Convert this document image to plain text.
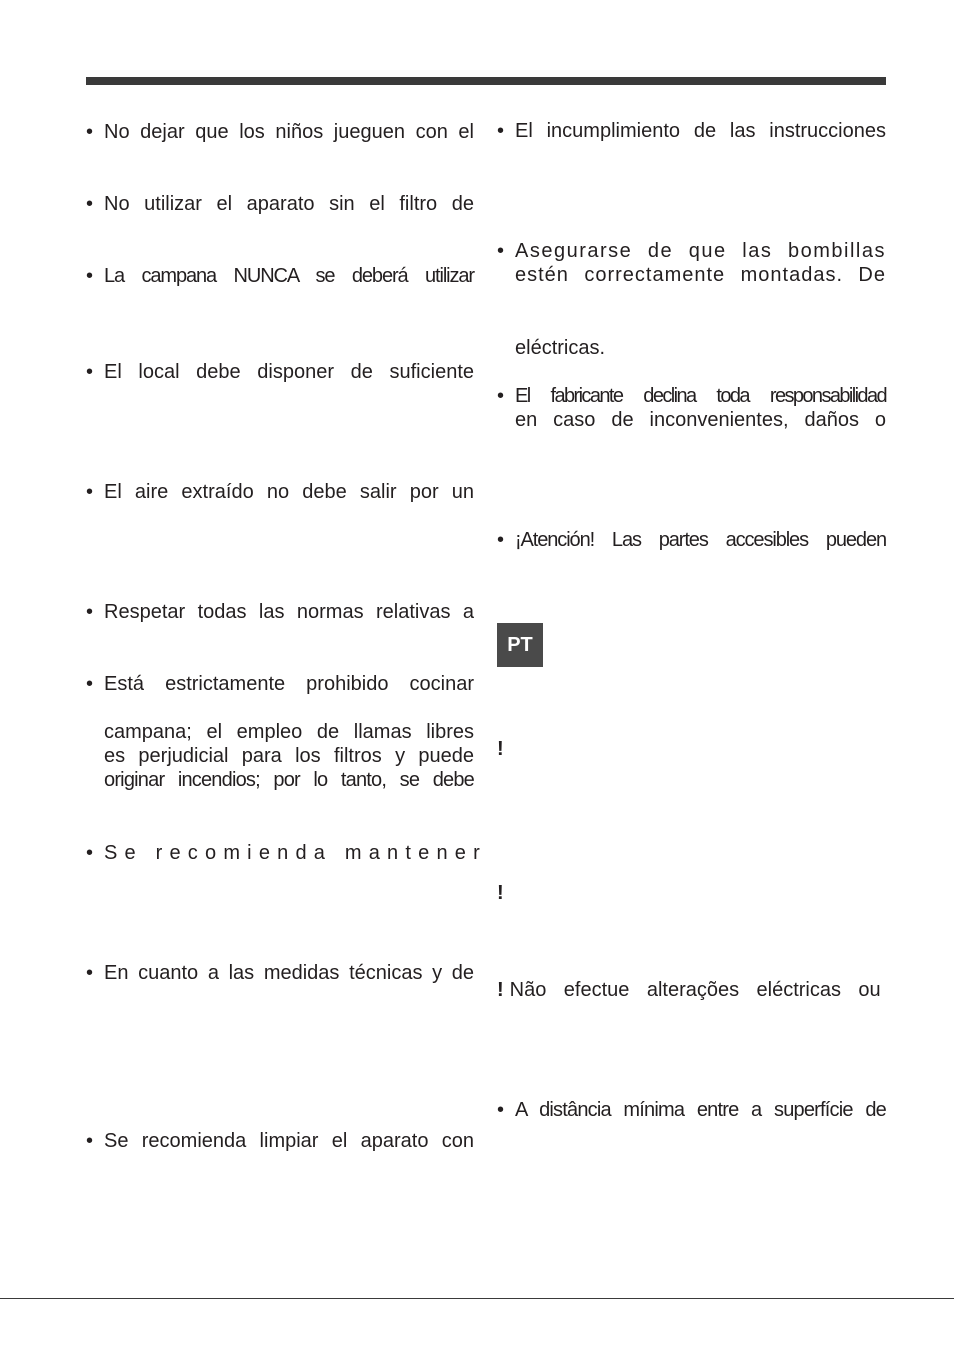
• No dejar que los niños jueguen con el
• No utilizar el aparato sin el filtro de
• La campana NUNCA se deberá utilizar
• El local debe disponer de suficiente
• El aire extraído no debe salir por un
• Respetar todas las normas relativas a
• Está estrictamente prohibido cocinar
campana; el empleo de llamas libres
es perjudicial para los filtros y puede
originar incendios; por lo tanto, se debe
• Se recomienda mantener
• En cuanto a las medidas técnicas y de
• Se recomienda limpiar el aparato con
• El incumplimiento de las instrucciones
• Asegurarse de que las bombillas
estén correctamente montadas. De
eléctricas.
• El fabricante declina toda responsabilidad
en caso de inconvenientes, daños o
• ¡Atención! Las partes accesibles pueden
PT
!
!
! Não efectue alterações eléctricas ou
• A distância mínima entre a superfície de
